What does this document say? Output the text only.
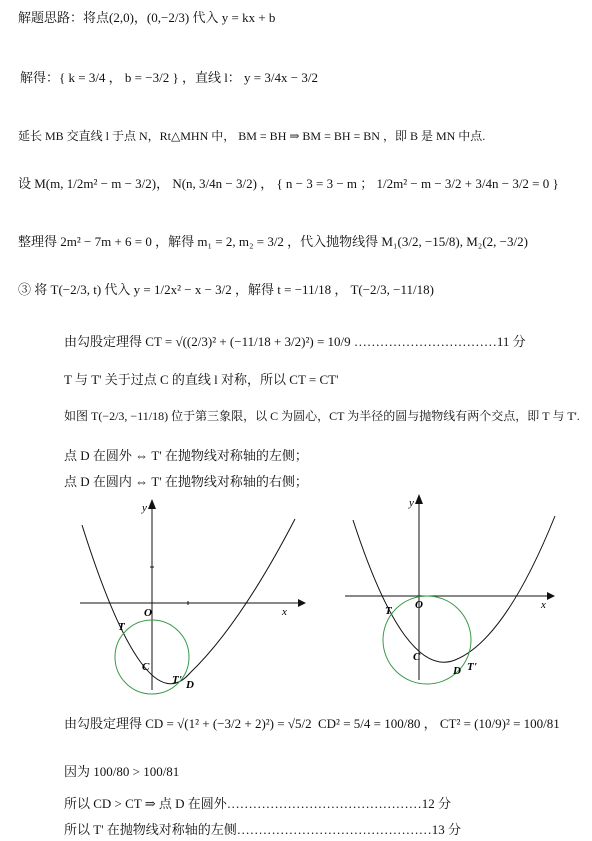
解题思路：将点(2,0)，(0,−2/3) 代入 y = kx + b
解得：{ k = 3/4 ， b = −3/2 } ，直线 l： y = 3/4x − 3/2
延长 MB 交直线 l 于点 N，Rt△MHN 中， BM = BH ⇒ BM = BH = BN ，即 B 是 MN 中点.
设 M(m, 1/2m² − m − 3/2)， N(n, 3/4n − 3/2) ， { n − 3 = 3 − m ； 1/2m² − m − 3/2 + 3/4n − 3/2 = 0 }
整理得 2m² − 7m + 6 = 0 ，解得 m₁ = 2, m₂ = 3/2 ，代入抛物线得 M₁(3/2, −15/8), M₂(2, −3/2)
③ 将 T(−2/3, t) 代入 y = 1/2x² − x − 3/2 ，解得 t = −11/18 ， T(−2/3, −11/18)
由勾股定理得 CT = √((2/3)² + (−11/18 + 3/2)²) = 10/9 ……………………………11 分
T 与 T' 关于过点 C 的直线 l 对称，所以 CT = CT'
如图 T(−2/3, −11/18) 位于第三象限，以 C 为圆心，CT 为半径的圆与抛物线有两个交点，即 T 与 T'.
点 D 在圆外 ⇔ T' 在抛物线对称轴的左侧；
点 D 在圆内 ⇔ T' 在抛物线对称轴的右侧；
y
x
O
T
C
T' D
y
x
O
T
C
D T'
由勾股定理得 CD = √(1² + (−3/2 + 2)²) = √5/2 CD² = 5/4 = 100/80 ， CT² = (10/9)² = 100/81
因为 100/80 > 100/81
所以 CD > CT ⇒ 点 D 在圆外………………………………………12 分
所以 T' 在抛物线对称轴的左侧………………………………………13 分
